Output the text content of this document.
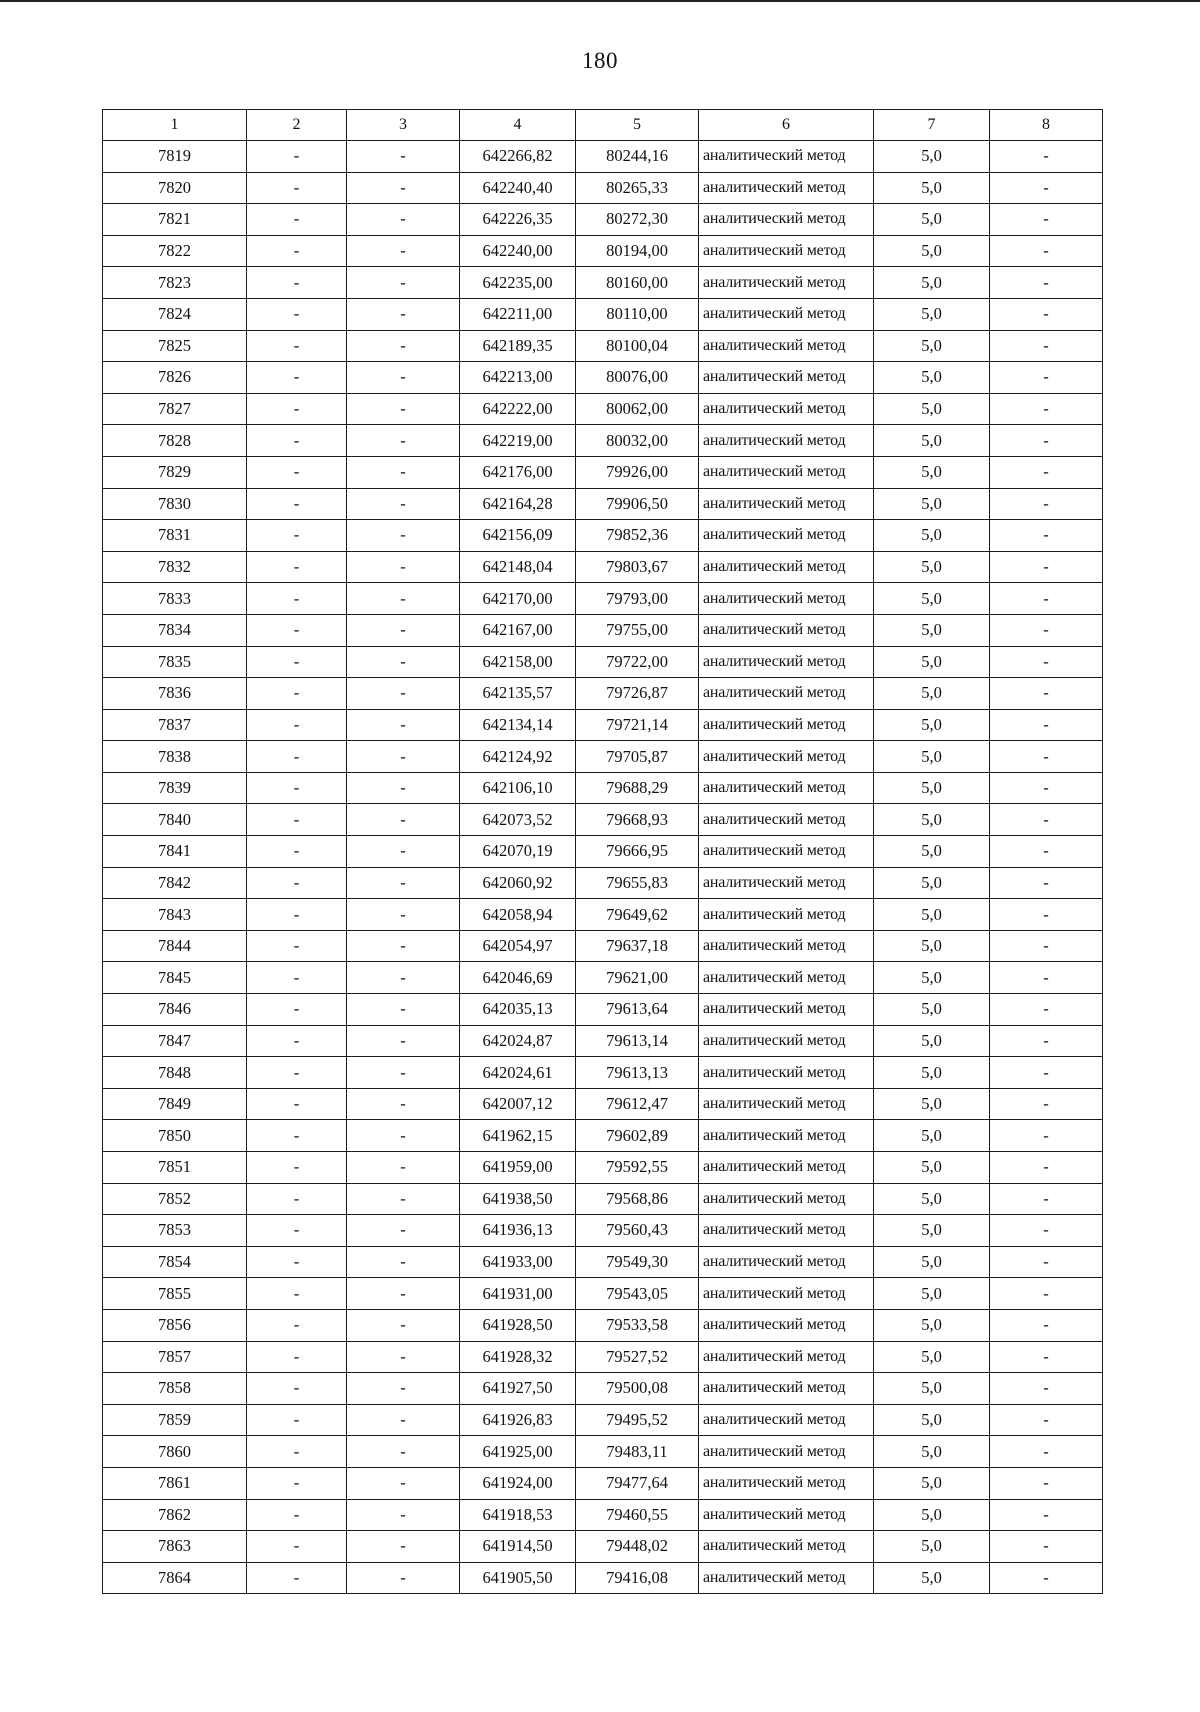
180
1	2	3	4	5	6	7	8
7819	-	-	642266,82	80244,16	аналитический метод	5,0	-
7820	-	-	642240,40	80265,33	аналитический метод	5,0	-
7821	-	-	642226,35	80272,30	аналитический метод	5,0	-
7822	-	-	642240,00	80194,00	аналитический метод	5,0	-
7823	-	-	642235,00	80160,00	аналитический метод	5,0	-
7824	-	-	642211,00	80110,00	аналитический метод	5,0	-
7825	-	-	642189,35	80100,04	аналитический метод	5,0	-
7826	-	-	642213,00	80076,00	аналитический метод	5,0	-
7827	-	-	642222,00	80062,00	аналитический метод	5,0	-
7828	-	-	642219,00	80032,00	аналитический метод	5,0	-
7829	-	-	642176,00	79926,00	аналитический метод	5,0	-
7830	-	-	642164,28	79906,50	аналитический метод	5,0	-
7831	-	-	642156,09	79852,36	аналитический метод	5,0	-
7832	-	-	642148,04	79803,67	аналитический метод	5,0	-
7833	-	-	642170,00	79793,00	аналитический метод	5,0	-
7834	-	-	642167,00	79755,00	аналитический метод	5,0	-
7835	-	-	642158,00	79722,00	аналитический метод	5,0	-
7836	-	-	642135,57	79726,87	аналитический метод	5,0	-
7837	-	-	642134,14	79721,14	аналитический метод	5,0	-
7838	-	-	642124,92	79705,87	аналитический метод	5,0	-
7839	-	-	642106,10	79688,29	аналитический метод	5,0	-
7840	-	-	642073,52	79668,93	аналитический метод	5,0	-
7841	-	-	642070,19	79666,95	аналитический метод	5,0	-
7842	-	-	642060,92	79655,83	аналитический метод	5,0	-
7843	-	-	642058,94	79649,62	аналитический метод	5,0	-
7844	-	-	642054,97	79637,18	аналитический метод	5,0	-
7845	-	-	642046,69	79621,00	аналитический метод	5,0	-
7846	-	-	642035,13	79613,64	аналитический метод	5,0	-
7847	-	-	642024,87	79613,14	аналитический метод	5,0	-
7848	-	-	642024,61	79613,13	аналитический метод	5,0	-
7849	-	-	642007,12	79612,47	аналитический метод	5,0	-
7850	-	-	641962,15	79602,89	аналитический метод	5,0	-
7851	-	-	641959,00	79592,55	аналитический метод	5,0	-
7852	-	-	641938,50	79568,86	аналитический метод	5,0	-
7853	-	-	641936,13	79560,43	аналитический метод	5,0	-
7854	-	-	641933,00	79549,30	аналитический метод	5,0	-
7855	-	-	641931,00	79543,05	аналитический метод	5,0	-
7856	-	-	641928,50	79533,58	аналитический метод	5,0	-
7857	-	-	641928,32	79527,52	аналитический метод	5,0	-
7858	-	-	641927,50	79500,08	аналитический метод	5,0	-
7859	-	-	641926,83	79495,52	аналитический метод	5,0	-
7860	-	-	641925,00	79483,11	аналитический метод	5,0	-
7861	-	-	641924,00	79477,64	аналитический метод	5,0	-
7862	-	-	641918,53	79460,55	аналитический метод	5,0	-
7863	-	-	641914,50	79448,02	аналитический метод	5,0	-
7864	-	-	641905,50	79416,08	аналитический метод	5,0	-
